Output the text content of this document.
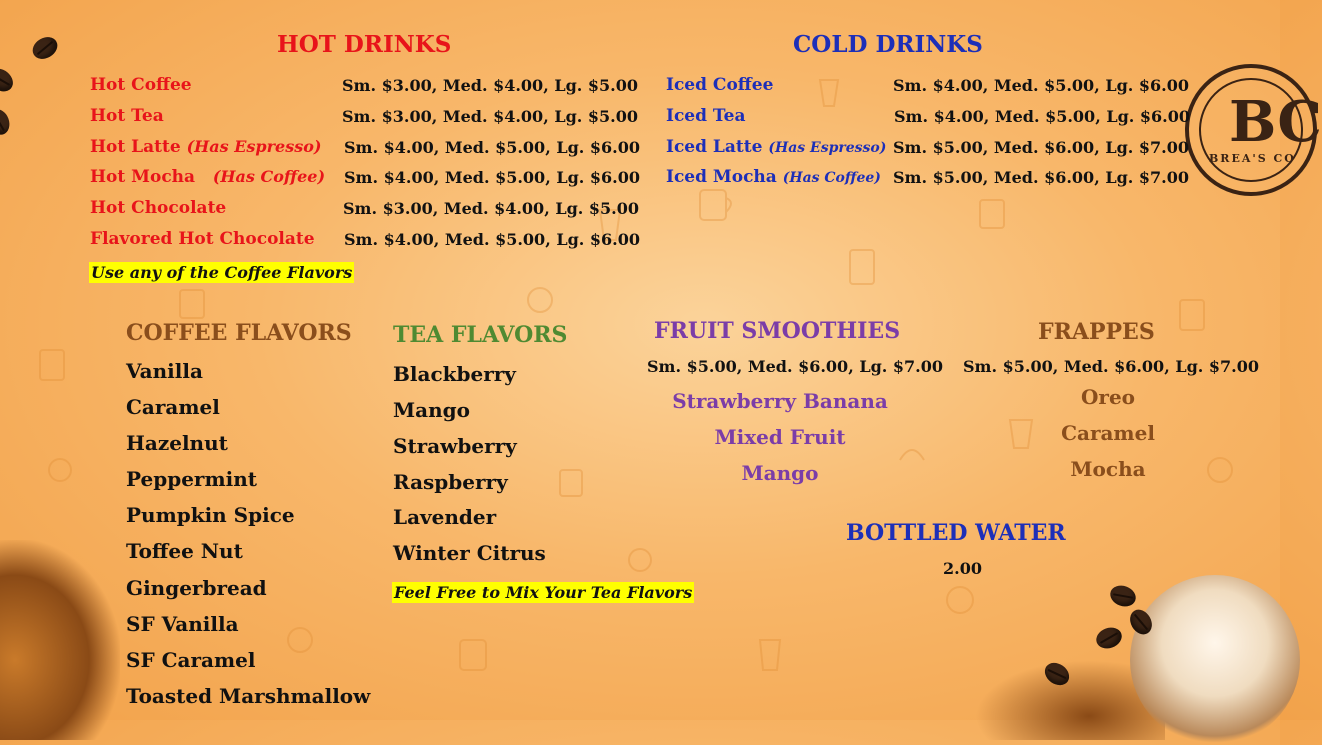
BC
BREA'S CO
HOT DRINKS
Hot Coffee	Sm. $3.00, Med. $4.00, Lg. $5.00
Hot Tea	Sm. $3.00, Med. $4.00, Lg. $5.00
Hot Latte (Has Espresso) Sm. $4.00, Med. $5.00, Lg. $6.00
Hot Mocha (Has Coffee) Sm. $4.00, Med. $5.00, Lg. $6.00
Hot Chocolate	Sm. $3.00, Med. $4.00, Lg. $5.00
Flavored Hot Chocolate Sm. $4.00, Med. $5.00, Lg. $6.00
Use any of the Coffee Flavors
COLD DRINKS
Iced Coffee	Sm. $4.00, Med. $5.00, Lg. $6.00
Iced Tea	Sm. $4.00, Med. $5.00, Lg. $6.00
Iced Latte (Has Espresso) Sm. $5.00, Med. $6.00, Lg. $7.00
Iced Mocha (Has Coffee) Sm. $5.00, Med. $6.00, Lg. $7.00
COFFEE FLAVORS
Vanilla
Caramel
Hazelnut
Peppermint
Pumpkin Spice
Toffee Nut
Gingerbread
SF Vanilla
SF Caramel
Toasted Marshmallow
TEA FLAVORS
Blackberry
Mango
Strawberry
Raspberry
Lavender
Winter Citrus
Feel Free to Mix Your Tea Flavors
FRUIT SMOOTHIES
Sm. $5.00, Med. $6.00, Lg. $7.00
Strawberry Banana
Mixed Fruit
Mango
FRAPPES
Sm. $5.00, Med. $6.00, Lg. $7.00
Oreo
Caramel
Mocha
BOTTLED WATER
2.00
